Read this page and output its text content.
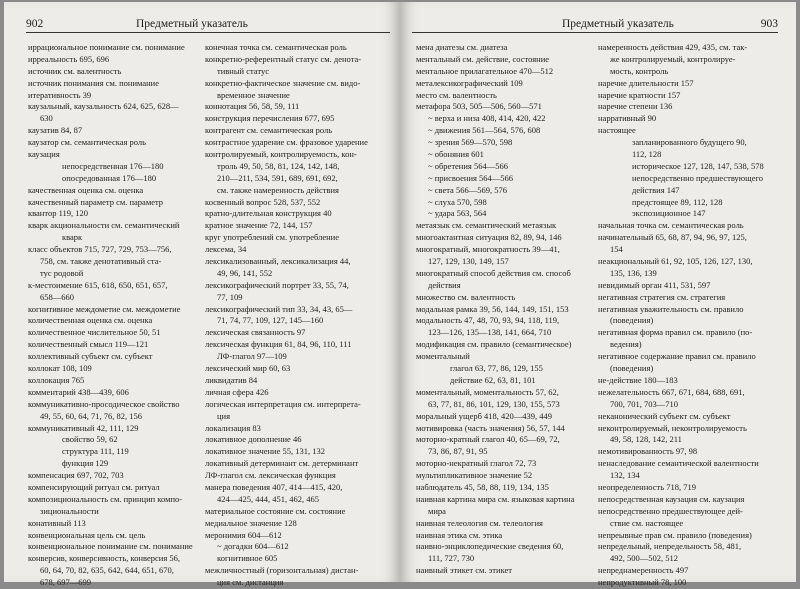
902	Предметный указатель
иррациональное понимание см. понимание
ирреальность 695, 696
источник см. валентность
источник понимания см. понимание
итеративность 39
каузальный, каузальность 624, 625, 628—
630
каузатив 84, 87
каузатор см. семантическая роль
каузация
непосредственная 176—180
опосредованная 176—180
качественная оценка см. оценка
качественный параметр см. параметр
квантор 119, 120
кварк акциональности см. семантический
кварк
класс объектов 715, 727, 729, 753—756,
758, см. также денотативный ста-
тус родовой
к-местоимение 615, 618, 650, 651, 657,
658—660
когнитивное междометие см. междометие
количественная оценка см. оценка
количественное числительное 50, 51
количественный смысл 119—121
коллективный субъект см. субъект
коллокат 108, 109
коллокация 765
комментарий 438—439, 606
коммуникативно-просодическое свойство
49, 55, 60, 64, 71, 76, 82, 156
коммуникативный 42, 111, 129
свойство 59, 62
структура 111, 119
функция 129
компенсация 697, 702, 703
компенсирующий ритуал см. ритуал
композициональность см. принцип компо-
зициональности
конативный 113
конвенциональная цель см. цель
конвенциональное понимание см. понимание
конверсив, конверсивность, конверсия 56,
60, 64, 70, 82, 635, 642, 644, 651, 670,
678, 697—699
конечная точка см. семантическая роль
конкретно-референтный статус см. денота-
тивный статус
конкретно-фактическое значение см. видо-
временное значение
коннотация 56, 58, 59, 111
конструкция перечисления 677, 695
контрагент см. семантическая роль
контрастное ударение см. фразовое ударение
контролируемый, контролируемость, кон-
троль 49, 50, 58, 81, 124, 142, 148,
210—211, 534, 591, 689, 691, 692,
см. также намеренность действия
косвенный вопрос 528, 537, 552
кратно-длительная конструкция 40
кратное значение 72, 144, 157
круг употреблений см. употребление
лексема, 34
лексикализованный, лексикализация 44,
49, 96, 141, 552
лексикографический портрет 33, 55, 74,
77, 109
лексикографический тип 33, 34, 43, 65—
71, 74, 77, 109, 127, 145—160
лексическая связанность 97
лексическая функция 61, 84, 96, 110, 111
ЛФ-глагол 97—109
лексический мир 60, 63
ликвидатив 84
личная сфера 426
логическая интерпретация см. интерпрета-
ция
локализация 83
локативное дополнение 46
локативное значение 55, 131, 132
локативный детерминант см. детерминант
ЛФ-глагол см. лексическая функция
манера поведения 407, 414—415, 420,
424—425, 444, 451, 462, 465
материальное состояние см. состояние
медиальное значение 128
меронимия 604—612
~ догадки 604—612
когнитивное 605
межличностный (горизонтальная) дистан-
ция см. дистанция
Предметный указатель	903
мена диатезы см. диатеза
ментальный см. действие, состояние
ментальное прилагательное 470—512
металексикографический 109
место см. валентность
метафора 503, 505—506, 560—571
~ верха и низа 408, 414, 420, 422
~ движения 561—564, 576, 608
~ зрения 569—570, 598
~ обоняния 601
~ обретения 564—566
~ присвоения 564—566
~ света 566—569, 576
~ слуха 570, 598
~ удара 563, 564
метаязык см. семантический метаязык
многоактантная ситуация 82, 89, 94, 146
многократный, многократность 39—41,
127, 129, 130, 149, 157
многократный способ действия см. способ
действия
множество см. валентность
модальная рамка 39, 56, 144, 149, 151, 153
модальность 47, 48, 70, 93, 94, 118, 119,
123—126, 135—138, 141, 664, 710
модификация см. правило (семантическое)
моментальный
глагол 63, 77, 86, 129, 155
действие 62, 63, 81, 101
моментальный, моментальность 57, 62,
63, 77, 81, 86, 101, 129, 130, 155, 573
моральный ущерб 418, 420—439, 449
мотивировка (часть значения) 56, 57, 144
моторно-кратный глагол 40, 65—69, 72,
73, 86, 87, 91, 95
моторно-некратный глагол 72, 73
мультипликативное значение 52
наблюдатель 45, 58, 88, 119, 134, 135
наивная картина мира см. языковая картина
мира
наивная телеология см. телеология
наивная этика см. этика
наивно-энциклопедические сведения 60,
111, 727, 730
наивный этикет см. этикет
намеренность действия 429, 435, см. так-
же контролируемый, контролируе-
мость, контроль
наречие длительности 157
наречие кратности 157
наречие степени 136
нарративный 90
настоящее
запланированного будущего 90,
112, 128
историческое 127, 128, 147, 538, 578
непосредственно предшествующего
действия 147
предстоящее 89, 112, 128
экспозиционное 147
начальная точка см. семантическая роль
начинательный 65, 68, 87, 94, 96, 97, 125,
154
неакциональный 61, 92, 105, 126, 127, 130,
135, 136, 139
невидимый орган 411, 531, 597
негативная стратегия см. стратегия
негативная уважительность см. правило
(поведения)
негативная форма правил см. правило (по-
ведения)
негативное содержание правил см. правило
(поведения)
не-действие 180—183
нежелательность 667, 671, 684, 688, 691,
700, 701, 703—710
неканонический субъект см. субъект
неконтролируемый, неконтролируемость
49, 58, 128, 142, 211
немотивированность 97, 98
ненаследование семантической валентности
132, 134
неопределенность 718, 719
непосредственная каузация см. каузация
непосредственно предшествующее дей-
ствие см. настоящее
непреывные прав см. правило (поведения)
непредельный, непредельность 58, 481,
492, 500—502, 512
непреднамеренность 497
непродуктивный 78, 100
